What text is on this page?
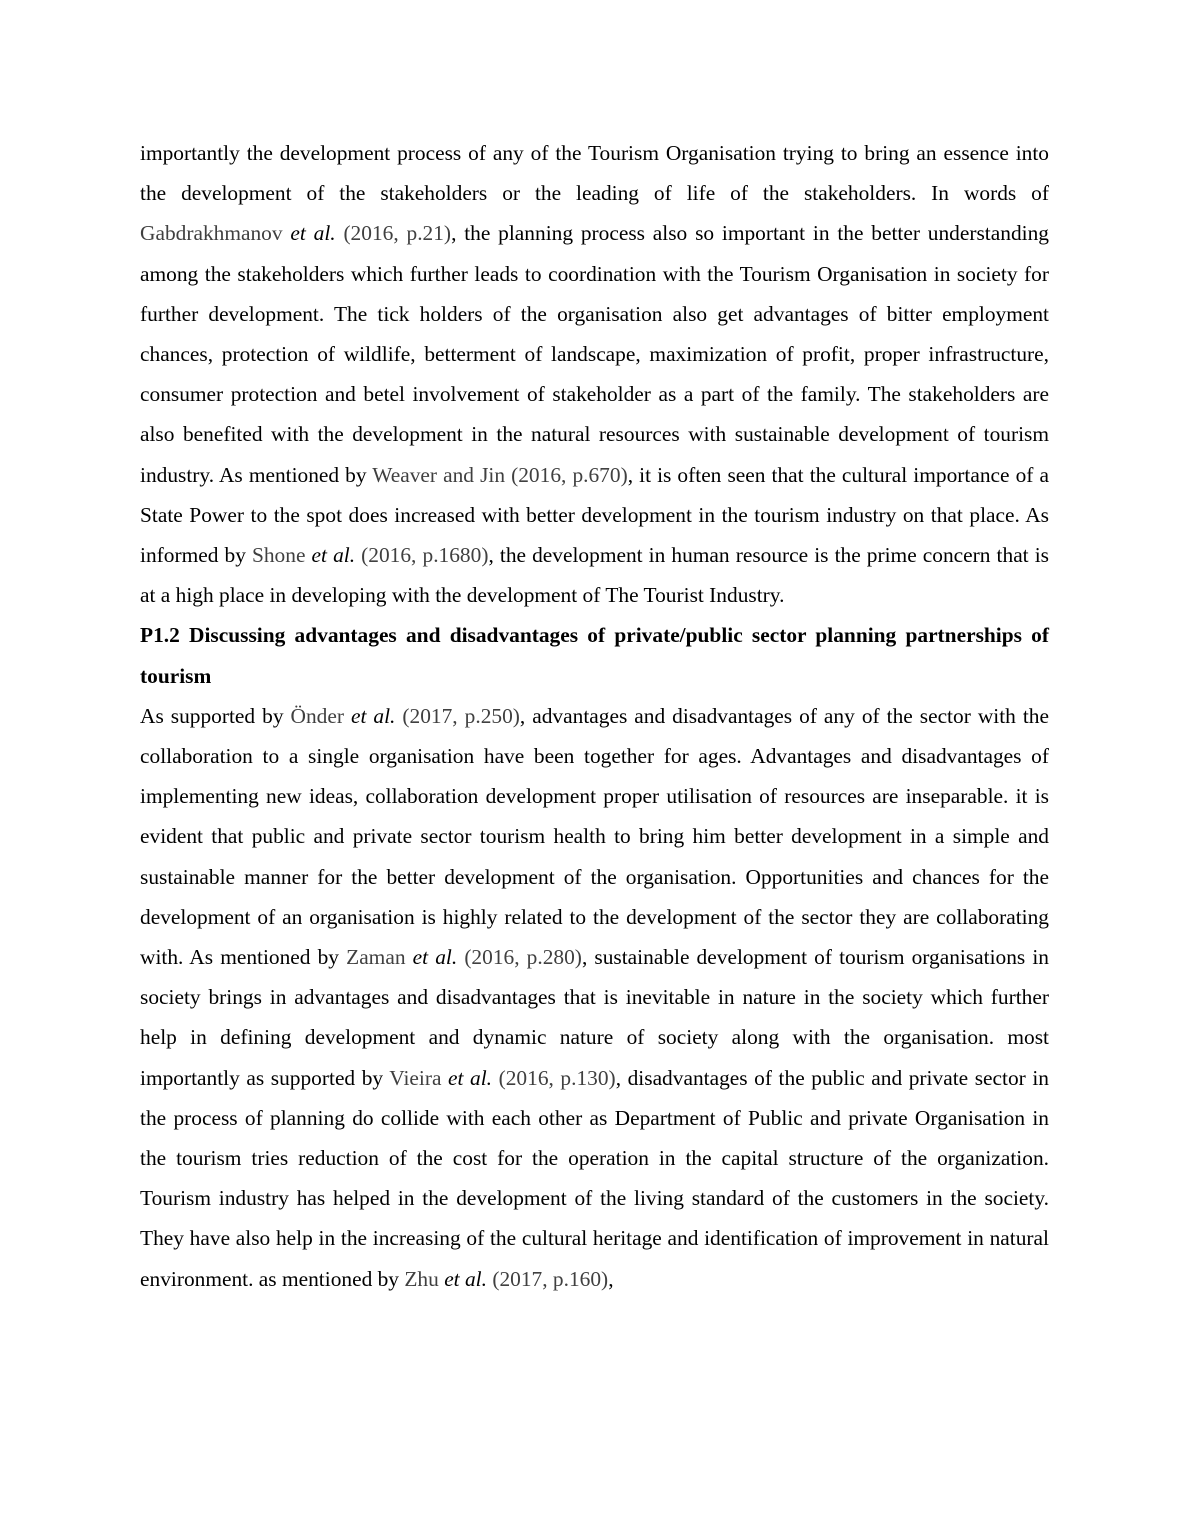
importantly the development process of any of the Tourism Organisation trying to bring an essence into the development of the stakeholders or the leading of life of the stakeholders. In words of Gabdrakhmanov et al. (2016, p.21), the planning process also so important in the better understanding among the stakeholders which further leads to coordination with the Tourism Organisation in society for further development. The tick holders of the organisation also get advantages of bitter employment chances, protection of wildlife, betterment of landscape, maximization of profit, proper infrastructure, consumer protection and betel involvement of stakeholder as a part of the family. The stakeholders are also benefited with the development in the natural resources with sustainable development of tourism industry. As mentioned by Weaver and Jin (2016, p.670), it is often seen that the cultural importance of a State Power to the spot does increased with better development in the tourism industry on that place. As informed by Shone et al. (2016, p.1680), the development in human resource is the prime concern that is at a high place in developing with the development of The Tourist Industry.

P1.2 Discussing advantages and disadvantages of private/public sector planning partnerships of tourism

As supported by Önder et al. (2017, p.250), advantages and disadvantages of any of the sector with the collaboration to a single organisation have been together for ages. Advantages and disadvantages of implementing new ideas, collaboration development proper utilisation of resources are inseparable. it is evident that public and private sector tourism health to bring him better development in a simple and sustainable manner for the better development of the organisation. Opportunities and chances for the development of an organisation is highly related to the development of the sector they are collaborating with. As mentioned by Zaman et al. (2016, p.280), sustainable development of tourism organisations in society brings in advantages and disadvantages that is inevitable in nature in the society which further help in defining development and dynamic nature of society along with the organisation. most importantly as supported by Vieira et al. (2016, p.130), disadvantages of the public and private sector in the process of planning do collide with each other as Department of Public and private Organisation in the tourism tries reduction of the cost for the operation in the capital structure of the organization. Tourism industry has helped in the development of the living standard of the customers in the society. They have also help in the increasing of the cultural heritage and identification of improvement in natural environment. as mentioned by Zhu et al. (2017, p.160),
